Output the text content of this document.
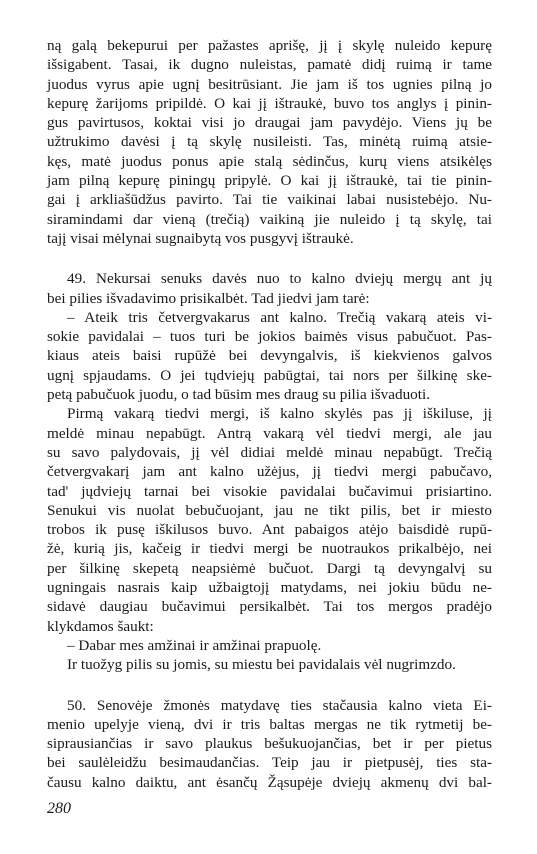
ną galą bekepurui per pažastes aprišę, jį į skylę nuleido kepurę
išsigabent. Tasai, ik dugno nuleistas, pamatė didį ruimą ir tame
juodus vyrus apie ugnį besitrūsiant. Jie jam iš tos ugnies pilną jo
kepurę žarijoms pripildė. O kai jį ištraukė, buvo tos anglys į pinin-
gus pavirtusos, koktai visi jo draugai jam pavydėjo. Viens jų be
užtrukimo davėsi į tą skylę nusileisti. Tas, minėtą ruimą atsie-
kęs, matė juodus ponus apie stalą sėdinčus, kurų viens atsikėlęs
jam pilną kepurę piningų pripylė. O kai jį ištraukė, tai tie pinin-
gai į arkliašūdžus pavirto. Tai tie vaikinai labai nusistebėjo. Nu-
siramindami dar vieną (trečią) vaikiną jie nuleido į tą skylę, tai
tajį visai mėlynai sugnaibytą vos pusgyvį ištraukė.
49. Nekursai senuks davės nuo to kalno dviejų mergų ant jų
bei pilies išvadavimo prisikalbėt. Tad jiedvi jam tarė:
– Ateik tris četvergvakarus ant kalno. Trečią vakarą ateis vi-
sokie pavidalai – tuos turi be jokios baimės visus pabučuot. Pas-
kiaus ateis baisi rupūžė bei devyngalvis, iš kiekvienos galvos
ugnį spjaudams. O jei tųdviejų pabūgtai, tai nors per šilkinę ske-
petą pabučuok juodu, o tad būsim mes draug su pilia išvaduoti.
Pirmą vakarą tiedvi mergi, iš kalno skylės pas jį iškiluse, jį
meldė minau nepabūgt. Antrą vakarą vėl tiedvi mergi, ale jau
su savo palydovais, jį vėl didiai meldė minau nepabūgt. Trečią
četvergvakarį jam ant kalno užėjus, jį tiedvi mergi pabučavo,
tad' jųdviejų tarnai bei visokie pavidalai bučavimui prisiartino.
Senukui vis nuolat bebučuojant, jau ne tikt pilis, bet ir miesto
trobos ik pusę iškilusos buvo. Ant pabaigos atėjo baisdidė rupū-
žė, kurią jis, kačeig ir tiedvi mergi be nuotraukos prikalbėjo, nei
per šilkinę skepetą neapsiėmė bučuot. Dargi tą devyngalvį su
ugningais nasrais kaip užbaigtojį matydams, nei jokiu būdu ne-
sidavė daugiau bučavimui persikalbėt. Tai tos mergos pradėjo
klykdamos šaukt:
– Dabar mes amžinai ir amžinai prapuolę.
Ir tuožyg pilis su jomis, su miestu bei pavidalais vėl nugrimzdo.
50. Senovėje žmonės matydavę ties stačausia kalno vieta Ei-
menio upelyje vieną, dvi ir tris baltas mergas ne tik rytmetij be-
siprausiančias ir savo plaukus bešukuojančias, bet ir per pietus
bei saulėleidžu besimaudančias. Teip jau ir pietpusėj, ties sta-
čausu kalno daiktu, ant ėsančų Žąsupėje dviejų akmenų dvi bal-
280
